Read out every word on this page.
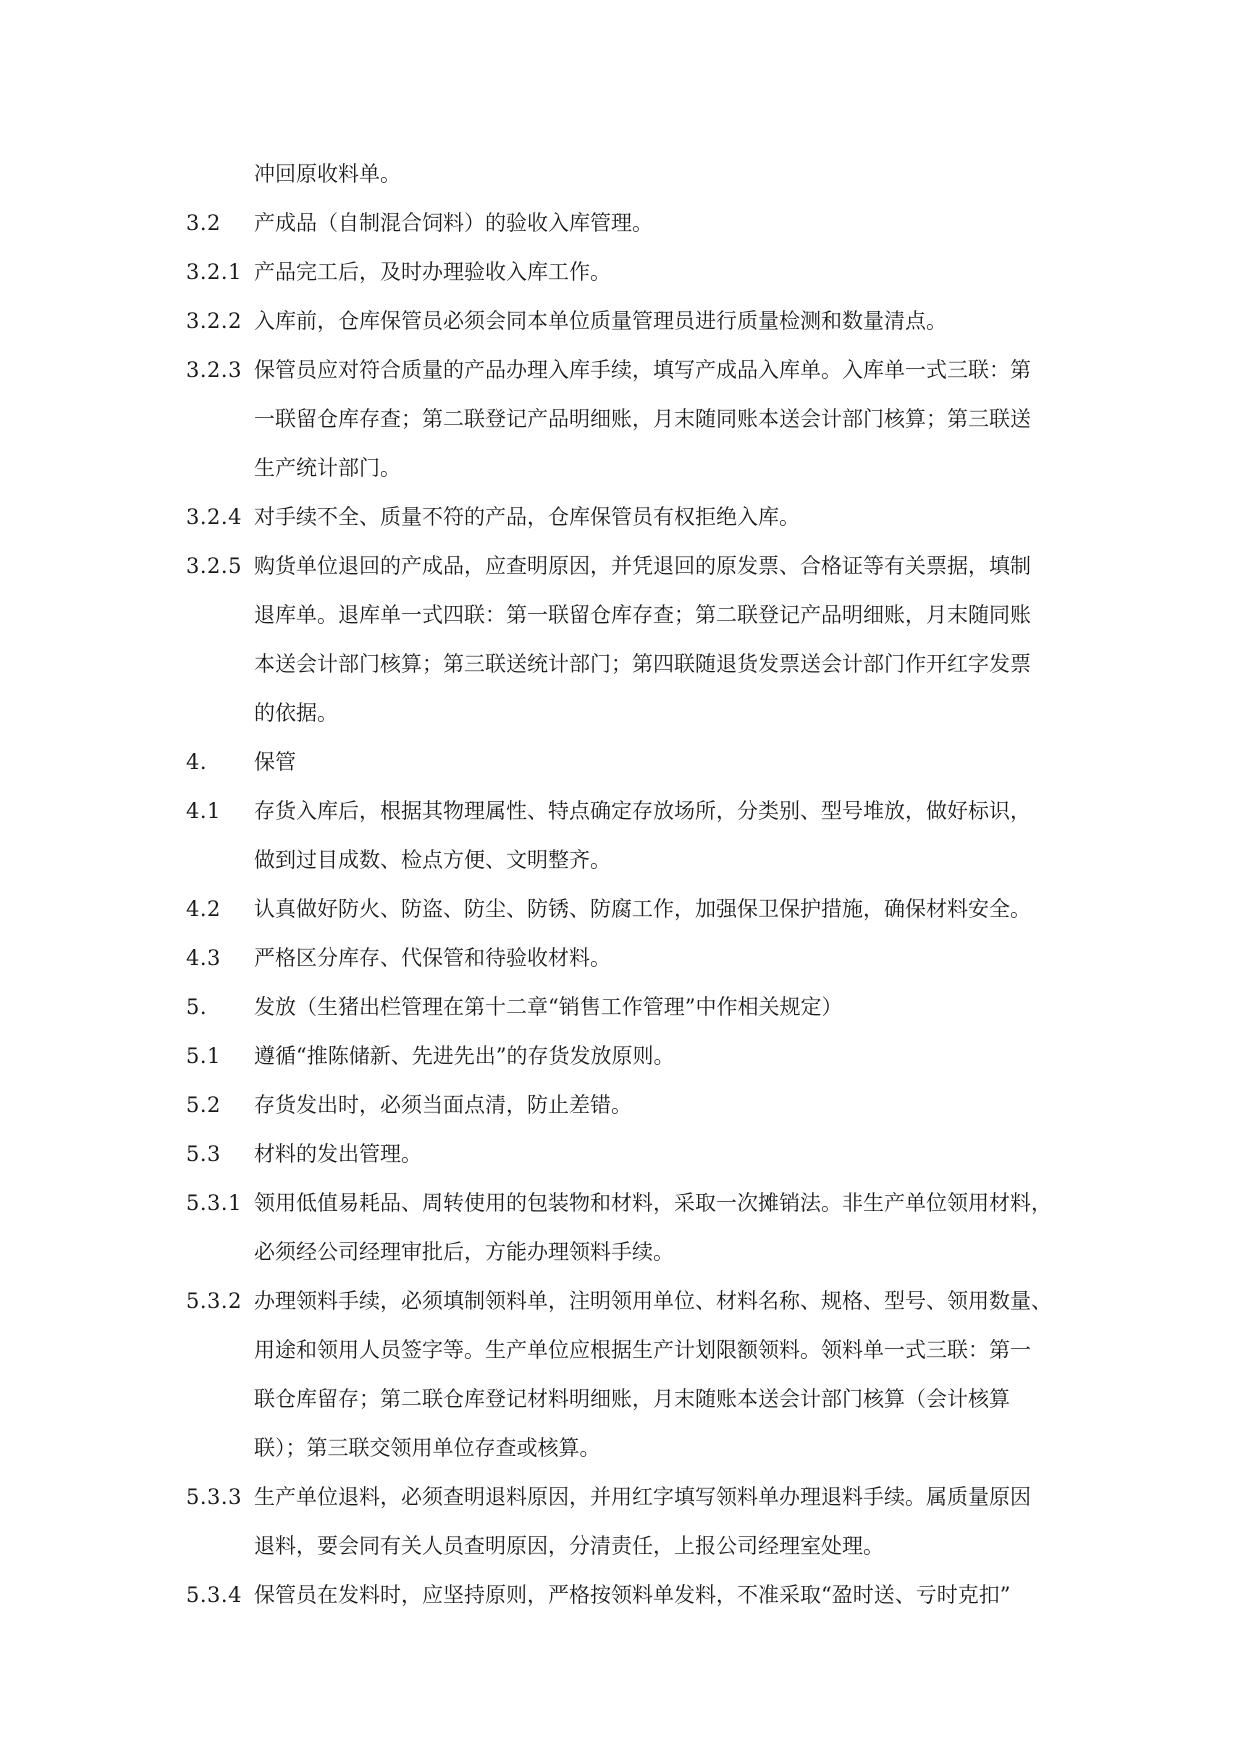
冲回原收料单。
3.2	产成品（自制混合饲料）的验收入库管理。
3.2.1 产品完工后，及时办理验收入库工作。
3.2.2 入库前，仓库保管员必须会同本单位质量管理员进行质量检测和数量清点。
3.2.3 保管员应对符合质量的产品办理入库手续，填写产成品入库单。入库单一式三联：第
一联留仓库存查；第二联登记产品明细账，月末随同账本送会计部门核算；第三联送
生产统计部门。
3.2.4 对手续不全、质量不符的产品，仓库保管员有权拒绝入库。
3.2.5 购货单位退回的产成品，应查明原因，并凭退回的原发票、合格证等有关票据，填制
退库单。退库单一式四联：第一联留仓库存查；第二联登记产品明细账，月末随同账
本送会计部门核算；第三联送统计部门；第四联随退货发票送会计部门作开红字发票
的依据。
4.	保管
4.1	存货入库后，根据其物理属性、特点确定存放场所，分类别、型号堆放，做好标识，
做到过目成数、检点方便、文明整齐。
4.2	认真做好防火、防盗、防尘、防锈、防腐工作，加强保卫保护措施，确保材料安全。
4.3	严格区分库存、代保管和待验收材料。
5.	发放（生猪出栏管理在第十二章“销售工作管理”中作相关规定）
5.1	遵循“推陈储新、先进先出”的存货发放原则。
5.2	存货发出时，必须当面点清，防止差错。
5.3	材料的发出管理。
5.3.1 领用低值易耗品、周转使用的包装物和材料，采取一次摊销法。非生产单位领用材料，
必须经公司经理审批后，方能办理领料手续。
5.3.2 办理领料手续，必须填制领料单，注明领用单位、材料名称、规格、型号、领用数量、
用途和领用人员签字等。生产单位应根据生产计划限额领料。领料单一式三联：第一
联仓库留存；第二联仓库登记材料明细账，月末随账本送会计部门核算（会计核算
联）；第三联交领用单位存查或核算。
5.3.3 生产单位退料，必须查明退料原因，并用红字填写领料单办理退料手续。属质量原因
退料，要会同有关人员查明原因，分清责任，上报公司经理室处理。
5.3.4 保管员在发料时，应坚持原则，严格按领料单发料，不准采取“盈时送、亏时克扣”
